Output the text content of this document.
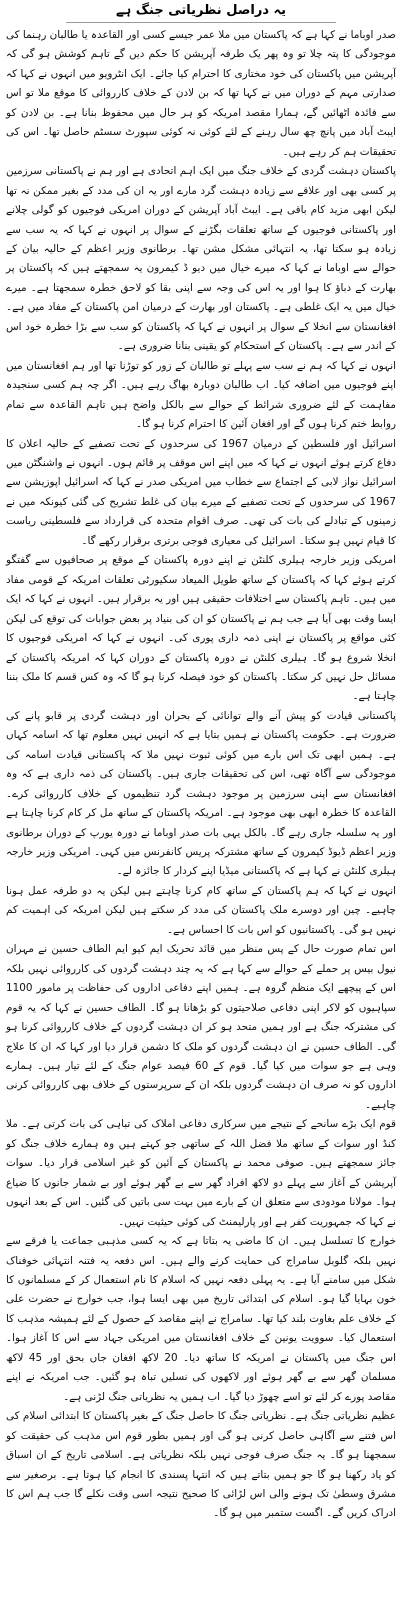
یہ دراصل نظریاتی جنگ ہے

صدر اوباما نے کہا ہے کہ پاکستان میں ملا عمر جیسے کسی اور القاعدہ یا طالبان رہنما کی موجودگی کا پتہ چلا تو وہ پھر یک طرفہ آپریشن کا حکم دیں گے تاہم کوشش ہو گی کہ آپریشن میں پاکستان کی خود مختاری کا احترام کیا جائے۔ ایک انٹرویو میں انہوں نے کہا کہ صدارتی مہم کے دوران میں نے کہا تھا کہ بن لادن کے خلاف کارروائی کا موقع ملا تو اس سے فائدہ اٹھائیں گے، ہمارا مقصد امریکہ کو ہر حال میں محفوظ بنانا ہے۔ بن لادن کو ایبٹ آباد میں پانچ چھ سال رہنے کے لئے کوئی نہ کوئی سپورٹ سسٹم حاصل تھا۔ اس کی تحقیقات ہم کر رہے ہیں۔

پاکستان دہشت گردی کے خلاف جنگ میں ایک اہم اتحادی ہے اور ہم نے پاکستانی سرزمین پر کسی بھی اور علاقے سے زیادہ دہشت گرد مارے اور یہ ان کی مدد کے بغیر ممکن نہ تھا لیکن ابھی مزید کام باقی ہے۔ ایبٹ آباد آپریشن کے دوران امریکی فوجیوں کو گولی چلانے اور پاکستانی فوجیوں کے ساتھ تعلقات بگڑنے کے سوال پر انہوں نے کہا کہ یہ سب سے زیادہ ہو سکتا تھا، یہ انتہائی مشکل مشن تھا۔ برطانوی وزیر اعظم کے حالیہ بیان کے حوالے سے اوباما نے کہا کہ میرے خیال میں دیو ڈ کیمرون یہ سمجھتے ہیں کہ پاکستان پر بھارت کے دباؤ کا ہوا اور یہ اس کی وجہ سے اپنی بقا کو لاحق خطرہ سمجھتا ہے۔ میرے خیال میں یہ ایک غلطی ہے۔ پاکستان اور بھارت کے درمیان امن پاکستان کے مفاد میں ہے۔ افغانستان سے انخلا کے سوال پر انہوں نے کہا کہ پاکستان کو سب سے بڑا خطرہ خود اس کے اندر سے ہے۔ پاکستان کے استحکام کو یقینی بنانا ضروری ہے۔

انہوں نے کہا کہ ہم نے سب سے پہلے تو طالبان کے زور کو توڑنا تھا اور ہم افغانستان میں اپنے فوجیوں میں اضافہ کیا۔ اب طالبان دوبارہ بھاگ رہے ہیں۔ اگر چہ ہم کسی سنجیدہ مفاہمت کے لئے ضروری شرائط کے حوالے سے بالکل واضح ہیں تاہم القاعدہ سے تمام روابط ختم کرنا ہوں گے اور افغان آئین کا احترام کرنا ہو گا۔

اسرائیل اور فلسطین کے درمیان 1967 کی سرحدوں کے تحت تصفیے کے حالیہ اعلان کا دفاع کرتے ہوئے انہوں نے کہا کہ میں اپنے اس موقف پر قائم ہوں۔ انہوں نے واشنگٹن میں اسرائیل نواز لابی کے اجتماع سے خطاب میں امریکی صدر نے کہا کہ اسرائیل اپوزیشن سے 1967 کی سرحدوں کے تحت تصفیے کے میرے بیان کی غلط تشریح کی گئی کیونکہ میں نے زمینوں کے تبادلے کی بات کی تھی۔ صرف اقوام متحدہ کی قرارداد سے فلسطینی ریاست کا قیام نہیں ہو سکتا۔ اسرائیل کی معیاری فوجی برتری برقرار رکھے گا۔

امریکی وزیر خارجہ ہیلری کلنٹن نے اپنے دورہ پاکستان کے موقع پر صحافیوں سے گفتگو کرتے ہوئے کہا کہ پاکستان کے ساتھ طویل المیعاد سکیورٹی تعلقات امریکہ کے قومی مفاد میں ہیں۔ تاہم پاکستان سے اختلافات حقیقی ہیں اور یہ برقرار ہیں۔ انہوں نے کہا کہ ایک ایسا وقت بھی آیا ہے جب ہم نے پاکستان کو ان کی بنیاد پر بعض جوابات کی توقع کی لیکن کئی مواقع پر پاکستان نے اپنی ذمہ داری پوری کی۔ انہوں نے کہا کہ امریکی فوجیوں کا انخلا شروع ہو گا۔ ہیلری کلنٹن نے دورہ پاکستان کے دوران کہا کہ امریکہ پاکستان کے مسائل حل نہیں کر سکتا۔ پاکستان کو خود فیصلہ کرنا ہو گا کہ وہ کس قسم کا ملک بننا چاہتا ہے۔

پاکستانی قیادت کو پیش آنے والے توانائی کے بحران اور دہشت گردی پر قابو پانے کی ضرورت ہے۔ حکومت پاکستان نے ہمیں بتایا ہے کہ انہیں نہیں معلوم تھا کہ اسامہ کہاں ہے۔ ہمیں ابھی تک اس بارے میں کوئی ثبوت نہیں ملا کہ پاکستانی قیادت اسامہ کی موجودگی سے آگاہ تھی، اس کی تحقیقات جاری ہیں۔ پاکستان کی ذمہ داری ہے کہ وہ افغانستان سے اپنی سرزمین پر موجود دہشت گرد تنظیموں کے خلاف کارروائی کرے۔ القاعدہ کا خطرہ ابھی بھی موجود ہے۔ امریکہ پاکستان کے ساتھ مل کر کام کرنا چاہتا ہے اور یہ سلسلہ جاری رہے گا۔ بالکل یہی بات صدر اوباما نے دورہ یورپ کے دوران برطانوی وزیر اعظم ڈیوڈ کیمرون کے ساتھ مشترکہ پریس کانفرنس میں کہی۔ امریکی وزیر خارجہ ہیلری کلنٹن نے کہا ہے کہ پاکستانی میڈیا اپنے کردار کا جائزہ لے۔

انہوں نے کہا کہ ہم پاکستان کے ساتھ کام کرنا چاہتے ہیں لیکن یہ دو طرفہ عمل ہونا چاہیے۔ چین اور دوسرے ملک پاکستان کی مدد کر سکتے ہیں لیکن امریکہ کی اہمیت کم نہیں ہو گی۔ پاکستانیوں کو اس بات کا احساس ہے۔

اس تمام صورت حال کے پس منظر میں قائد تحریک ایم کیو ایم الطاف حسین نے مہران نیول بیس پر حملے کے حوالے سے کہا ہے کہ یہ چند دہشت گردوں کی کارروائی نہیں بلکہ اس کے پیچھے ایک منظم گروہ ہے۔ ہمیں اپنے دفاعی اداروں کی حفاظت پر مامور 1100 سپاہیوں کو لاکر اپنی دفاعی صلاحیتوں کو بڑھانا ہو گا۔ الطاف حسین نے کہا کہ یہ قوم کی مشترکہ جنگ ہے اور ہمیں متحد ہو کر ان دہشت گردوں کے خلاف کارروائی کرنا ہو گی۔ الطاف حسین نے ان دہشت گردوں کو ملک کا دشمن قرار دیا اور کہا کہ ان کا علاج وہی ہے جو سوات میں کیا گیا۔ قوم کے 60 فیصد عوام جنگ کے لئے تیار ہیں۔ ہمارے اداروں کو نہ صرف ان دہشت گردوں بلکہ ان کے سرپرستوں کے خلاف بھی کارروائی کرنی چاہیے۔

قوم ایک بڑے سانحے کے نتیجے میں سرکاری دفاعی املاک کی تباہی کی بات کرتی ہے۔ ملا کنڈ اور سوات کے ساتھ ملا فضل اللہ کے ساتھی جو کہتے ہیں وہ ہمارے خلاف جنگ کو جائز سمجھتے ہیں۔ صوفی محمد نے پاکستان کے آئین کو غیر اسلامی قرار دیا۔ سوات آپریشن کے آغاز سے پہلے دو لاکھ افراد گھر سے بے گھر ہوئے اور بے شمار جانوں کا ضیاع ہوا۔ مولانا مودودی سے متعلق ان کے بارے میں بہت سی باتیں کی گئیں۔ اس کے بعد انہوں نے کہا کہ جمہوریت کفر ہے اور پارلیمنٹ کی کوئی حیثیت نہیں۔

خوارج کا تسلسل ہیں۔ ان کا ماضی یہ بتاتا ہے کہ یہ کسی مذہبی جماعت یا فرقے سے نہیں بلکہ گلوبل سامراج کی حمایت کرنے والے ہیں۔ اس دفعہ یہ فتنہ انتہائی خوفناک شکل میں سامنے آیا ہے۔ یہ پہلی دفعہ نہیں کہ اسلام کا نام استعمال کر کے مسلمانوں کا خون بہایا گیا ہو۔ اسلام کی ابتدائی تاریخ میں بھی ایسا ہوا، جب خوارج نے حضرت علی کے خلاف علم بغاوت بلند کیا تھا۔ سامراج نے اپنے مقاصد کے حصول کے لئے ہمیشہ مذہب کا استعمال کیا۔ سوویت یونین کے خلاف افغانستان میں امریکی جہاد سے اس کا آغاز ہوا۔ اس جنگ میں پاکستان نے امریکہ کا ساتھ دیا۔ 20 لاکھ افغان جاں بحق اور 45 لاکھ مسلمان گھر سے بے گھر ہوئے اور لاکھوں کی نسلیں تباہ ہو گئیں۔ جب امریکہ نے اپنے مقاصد پورے کر لئے تو اسے چھوڑ دیا گیا۔ اب ہمیں یہ نظریاتی جنگ لڑنی ہے۔

عظیم نظریاتی جنگ ہے۔ نظریاتی جنگ کا حاصل جنگ کے بغیر پاکستان کا ابتدائی اسلام کی اس فتنے سے آگاہی حاصل کرنی ہو گی اور ہمیں بطور قوم اس مذہب کی حقیقت کو سمجھنا ہو گا۔ یہ جنگ صرف فوجی نہیں بلکہ نظریاتی ہے۔ اسلامی تاریخ کے ان اسباق کو یاد رکھنا ہو گا جو ہمیں بتاتے ہیں کہ انتہا پسندی کا انجام کیا ہوتا ہے۔ برصغیر سے مشرق وسطیٰ تک ہونے والی اس لڑائی کا صحیح نتیجہ اسی وقت نکلے گا جب ہم اس کا ادراک کریں گے۔ اگست ستمبر میں ہو گا۔
